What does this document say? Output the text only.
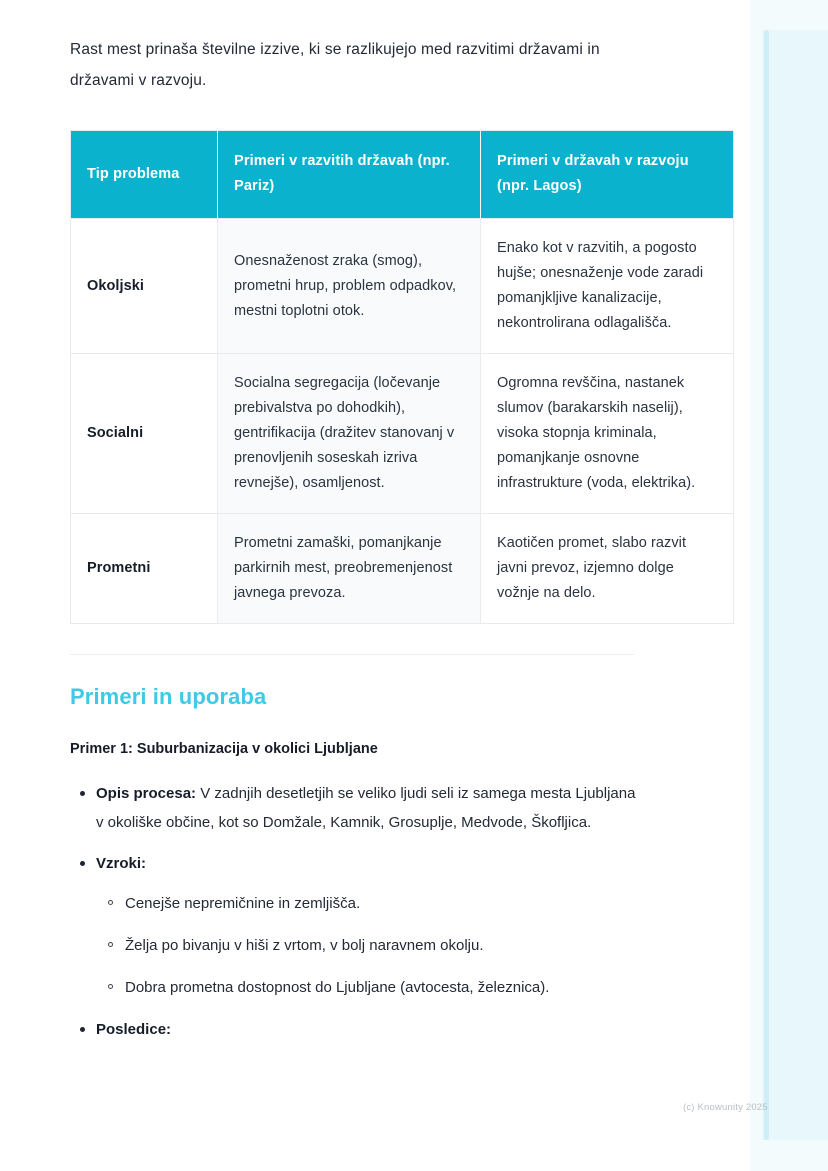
Rast mest prinaša številne izzive, ki se razlikujejo med razvitimi državami in državami v razvoju.

Tip problema	Primeri v razvitih državah (npr. Pariz)	Primeri v državah v razvoju (npr. Lagos)
Okoljski	Onesnaženost zraka (smog), prometni hrup, problem odpadkov, mestni toplotni otok.	Enako kot v razvitih, a pogosto hujše; onesnaženje vode zaradi pomanjkljive kanalizacije, nekontrolirana odlagališča.
Socialni	Socialna segregacija (ločevanje prebivalstva po dohodkih), gentrifikacija (dražitev stanovanj v prenovljenih soseskah izriva revnejše), osamljenost.	Ogromna revščina, nastanek slumov (barakarskih naselij), visoka stopnja kriminala, pomanjkanje osnovne infrastrukture (voda, elektrika).
Prometni	Prometni zamaški, pomanjkanje parkirnih mest, preobremenjenost javnega prevoza.	Kaotičen promet, slabo razvit javni prevoz, izjemno dolge vožnje na delo.
Primeri in uporaba
Primer 1: Suburbanizacija v okolici Ljubljane
Opis procesa: V zadnjih desetletjih se veliko ljudi seli iz samega mesta Ljubljana v okoliške občine, kot so Domžale, Kamnik, Grosuplje, Medvode, Škofljica.
Vzroki:
Cenejše nepremičnine in zemljišča.
Želja po bivanju v hiši z vrtom, v bolj naravnem okolju.
Dobra prometna dostopnost do Ljubljane (avtocesta, železnica).
Posledice:
(c) Knowunity 2025
